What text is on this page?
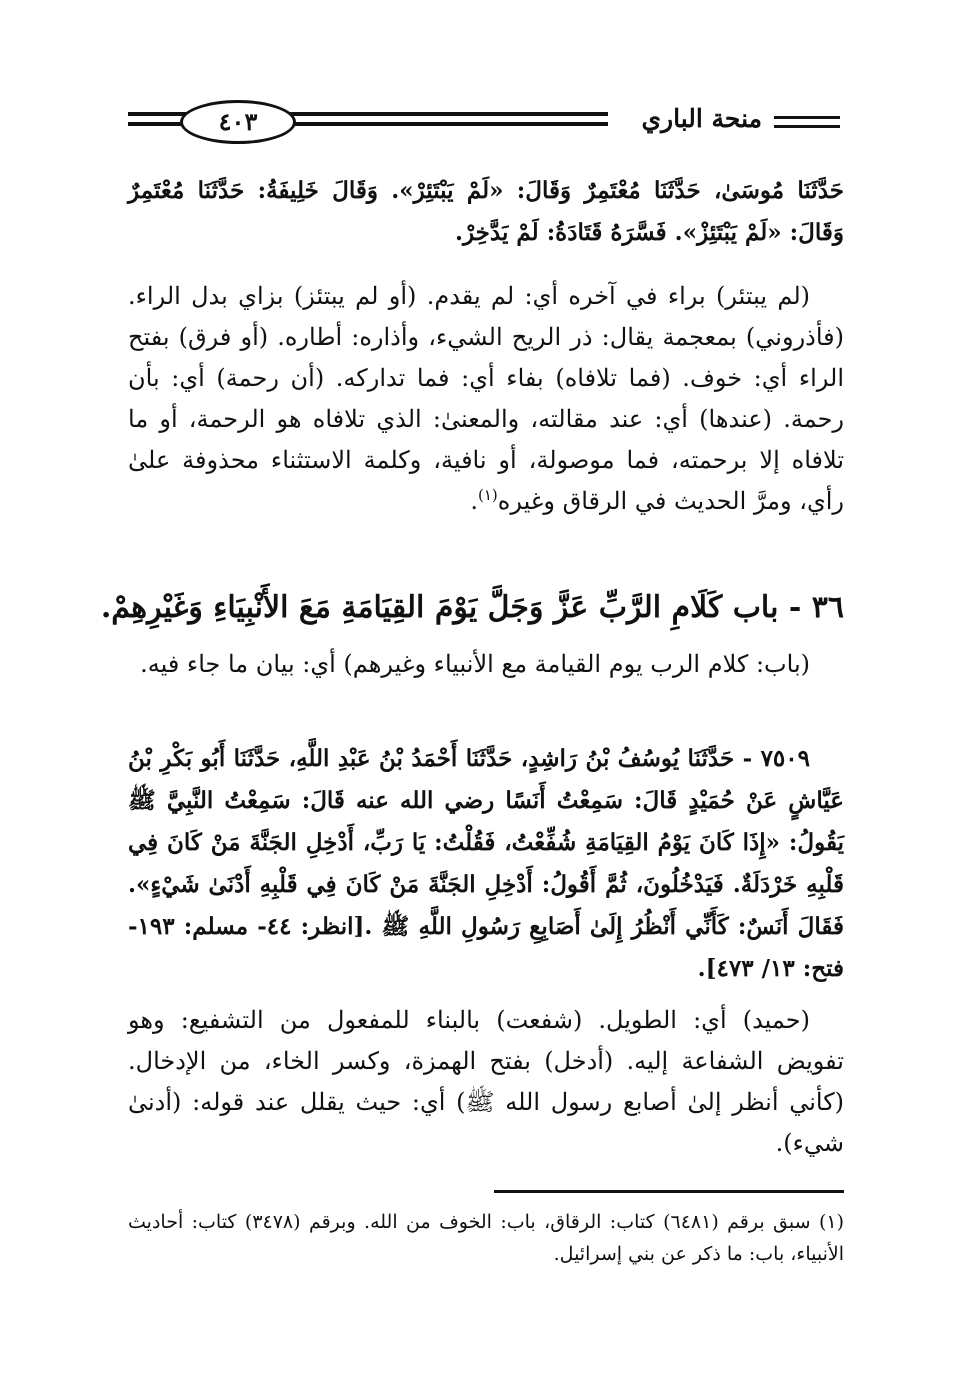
منحة الباري
٤٠٣

حَدَّثَنَا مُوسَىٰ، حَدَّثَنَا مُعْتَمِرٌ وَقَالَ: «لَمْ يَبْتَئِرْ». وَقَالَ خَلِيفَةُ: حَدَّثَنَا مُعْتَمِرٌ وَقَالَ: «لَمْ يَبْتَئِزْ». فَسَّرَهُ قَتَادَةُ: لَمْ يَدَّخِرْ.

(لم يبتئر) براء في آخره أي: لم يقدم. (أو لم يبتئز) بزاي بدل الراء. (فأذروني) بمعجمة يقال: ذر الريح الشيء، وأذاره: أطاره. (أو فرق) بفتح الراء أي: خوف. (فما تلافاه) بفاء أي: فما تداركه. (أن رحمة) أي: بأن رحمة. (عندها) أي: عند مقالته، والمعنىٰ: الذي تلافاه هو الرحمة، أو ما تلافاه إلا برحمته، فما موصولة، أو نافية، وكلمة الاستثناء محذوفة علىٰ رأي، ومرَّ الحديث في الرقاق وغيره$^{(١)}$.

٣٦ - باب كَلَامِ الرَّبِّ عَزَّ وَجَلَّ يَوْمَ القِيَامَةِ مَعَ الأَنْبِيَاءِ وَغَيْرِهِمْ.

(باب: كلام الرب يوم القيامة مع الأنبياء وغيرهم) أي: بيان ما جاء فيه.

٧٥٠٩ - حَدَّثَنَا يُوسُفُ بْنُ رَاشِدٍ، حَدَّثَنَا أَحْمَدُ بْنُ عَبْدِ اللَّهِ، حَدَّثَنَا أَبُو بَكْرِ بْنُ عَيَّاشٍ عَنْ حُمَيْدٍ قَالَ: سَمِعْتُ أَنَسًا رضي الله عنه قَالَ: سَمِعْتُ النَّبِيَّ ﷺ يَقُولُ: «إِذَا كَانَ يَوْمُ القِيَامَةِ شُفِّعْتُ، فَقُلْتُ: يَا رَبِّ، أَدْخِلِ الجَنَّةَ مَنْ كَانَ فِي قَلْبِهِ خَرْدَلَةٌ. فَيَدْخُلُونَ، ثُمَّ أَقُولُ: أَدْخِلِ الجَنَّةَ مَنْ كَانَ فِي قَلْبِهِ أَدْنَىٰ شَيْءٍ». فَقَالَ أَنَسٌ: كَأَنِّي أَنْظُرُ إِلَىٰ أَصَابِعِ رَسُولِ اللَّهِ ﷺ .[انظر: ٤٤- مسلم: ١٩٣- فتح: ١٣/ ٤٧٣].

(حميد) أي: الطويل. (شفعت) بالبناء للمفعول من التشفيع: وهو تفويض الشفاعة إليه. (أدخل) بفتح الهمزة، وكسر الخاء، من الإدخال. (كأني أنظر إلىٰ أصابع رسول الله ﷺ) أي: حيث يقلل عند قوله: (أدنىٰ شيء).

(١) سبق برقم (٦٤٨١) كتاب: الرقاق، باب: الخوف من الله. وبرقم (٣٤٧٨) كتاب: أحاديث الأنبياء، باب: ما ذكر عن بني إسرائيل.
